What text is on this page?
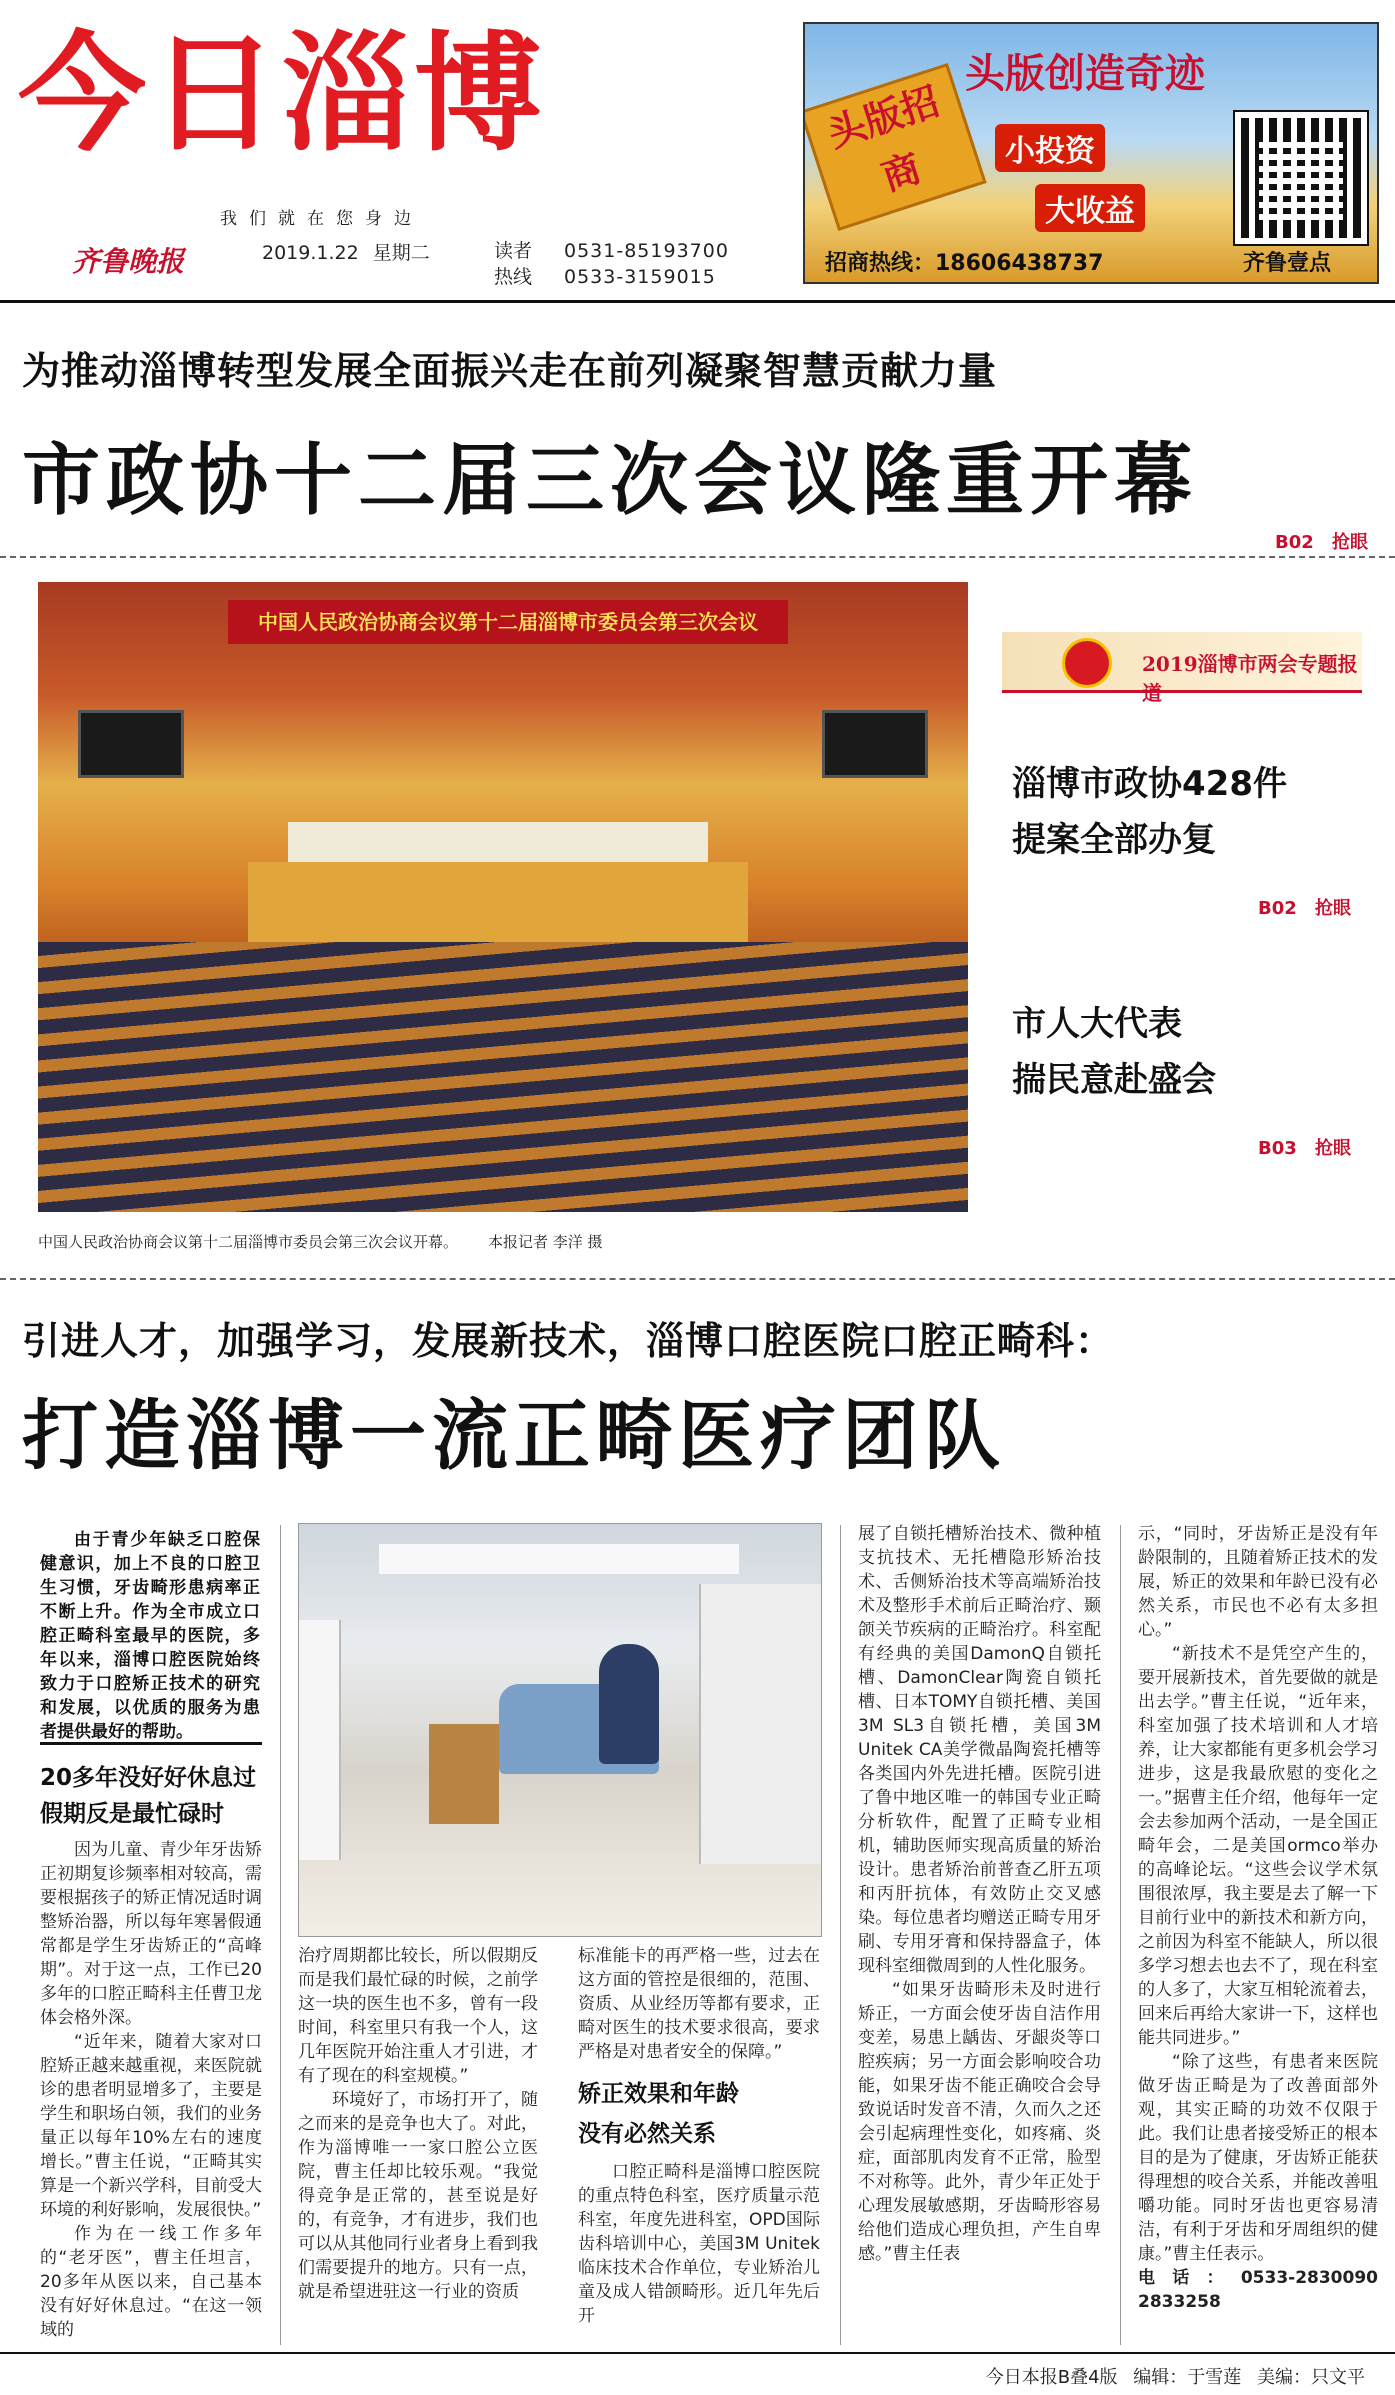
今日淄博
我们就在您身边
齐鲁晚报	2019.1.22 星期二	读者
热线
0531-85193700
0533-3159015
头版招商
头版创造奇迹
小投资
大收益
招商热线：18606438737	齐鲁壹点
为推动淄博转型发展全面振兴走在前列凝聚智慧贡献力量
市政协十二届三次会议隆重开幕
B02 抢眼
中国人民政治协商会议第十二届淄博市委员会第三次会议
中国人民政治协商会议第十二届淄博市委员会第三次会议开幕。 本报记者 李洋 摄
2019淄博市两会专题报道
淄博市政协428件
提案全部办复
B02 抢眼
市人大代表
揣民意赴盛会
B03 抢眼
引进人才，加强学习，发展新技术，淄博口腔医院口腔正畸科：
打造淄博一流正畸医疗团队

由于青少年缺乏口腔保健意识，加上不良的口腔卫生习惯，牙齿畸形患病率正不断上升。作为全市成立口腔正畸科室最早的医院，多年以来，淄博口腔医院始终致力于口腔矫正技术的研究和发展，以优质的服务为患者提供最好的帮助。

20多年没好好休息过
假期反是最忙碌时

因为儿童、青少年牙齿矫正初期复诊频率相对较高，需要根据孩子的矫正情况适时调整矫治器，所以每年寒暑假通常都是学生牙齿矫正的“高峰期”。对于这一点，工作已20多年的口腔正畸科主任曹卫龙体会格外深。

“近年来，随着大家对口腔矫正越来越重视，来医院就诊的患者明显增多了，主要是学生和职场白领，我们的业务量正以每年10%左右的速度增长。”曹主任说，“正畸其实算是一个新兴学科，目前受大环境的利好影响，发展很快。”

作为在一线工作多年的“老牙医”，曹主任坦言，20多年从医以来，自己基本没有好好休息过。“在这一领域的

治疗周期都比较长，所以假期反而是我们最忙碌的时候，之前学这一块的医生也不多，曾有一段时间，科室里只有我一个人，这几年医院开始注重人才引进，才有了现在的科室规模。”

环境好了，市场打开了，随之而来的是竞争也大了。对此，作为淄博唯一一家口腔公立医院，曹主任却比较乐观。“我觉得竞争是正常的，甚至说是好的，有竞争，才有进步，我们也可以从其他同行业者身上看到我们需要提升的地方。只有一点，就是希望进驻这一行业的资质

标准能卡的再严格一些，过去在这方面的管控是很细的，范围、资质、从业经历等都有要求，正畸对医生的技术要求很高，要求严格是对患者安全的保障。”

矫正效果和年龄
没有必然关系

口腔正畸科是淄博口腔医院的重点特色科室，医疗质量示范科室，年度先进科室，OPD国际齿科培训中心，美国3M Unitek临床技术合作单位，专业矫治儿童及成人错颌畸形。近几年先后开

展了自锁托槽矫治技术、微种植支抗技术、无托槽隐形矫治技术、舌侧矫治技术等高端矫治技术及整形手术前后正畸治疗、颞颌关节疾病的正畸治疗。科室配有经典的美国DamonQ自锁托槽、DamonClear陶瓷自锁托槽、日本TOMY自锁托槽、美国3M SL3自锁托槽，美国3M Unitek CA美学微晶陶瓷托槽等各类国内外先进托槽。医院引进了鲁中地区唯一的韩国专业正畸分析软件，配置了正畸专业相机，辅助医师实现高质量的矫治设计。患者矫治前普查乙肝五项和丙肝抗体，有效防止交叉感染。每位患者均赠送正畸专用牙刷、专用牙膏和保持器盒子，体现科室细微周到的人性化服务。

“如果牙齿畸形未及时进行矫正，一方面会使牙齿自洁作用变差，易患上龋齿、牙龈炎等口腔疾病；另一方面会影响咬合功能，如果牙齿不能正确咬合会导致说话时发音不清，久而久之还会引起病理性变化，如疼痛、炎症，面部肌肉发育不正常，脸型不对称等。此外，青少年正处于心理发展敏感期，牙齿畸形容易给他们造成心理负担，产生自卑感。”曹主任表

示，“同时，牙齿矫正是没有年龄限制的，且随着矫正技术的发展，矫正的效果和年龄已没有必然关系，市民也不必有太多担心。”

“新技术不是凭空产生的，要开展新技术，首先要做的就是出去学。”曹主任说，“近年来，科室加强了技术培训和人才培养，让大家都能有更多机会学习进步，这是我最欣慰的变化之一。”据曹主任介绍，他每年一定会去参加两个活动，一是全国正畸年会，二是美国ormco举办的高峰论坛。“这些会议学术氛围很浓厚，我主要是去了解一下目前行业中的新技术和新方向，之前因为科室不能缺人，所以很多学习想去也去不了，现在科室的人多了，大家互相轮流着去，回来后再给大家讲一下，这样也能共同进步。”

“除了这些，有患者来医院做牙齿正畸是为了改善面部外观，其实正畸的功效不仅限于此。我们让患者接受矫正的根本目的是为了健康，牙齿矫正能获得理想的咬合关系，并能改善咀嚼功能。同时牙齿也更容易清洁，有利于牙齿和牙周组织的健康。”曹主任表示。

电话：0533-2830090 2833258

今日本报B叠4版 编辑：于雪莲 美编：只文平
